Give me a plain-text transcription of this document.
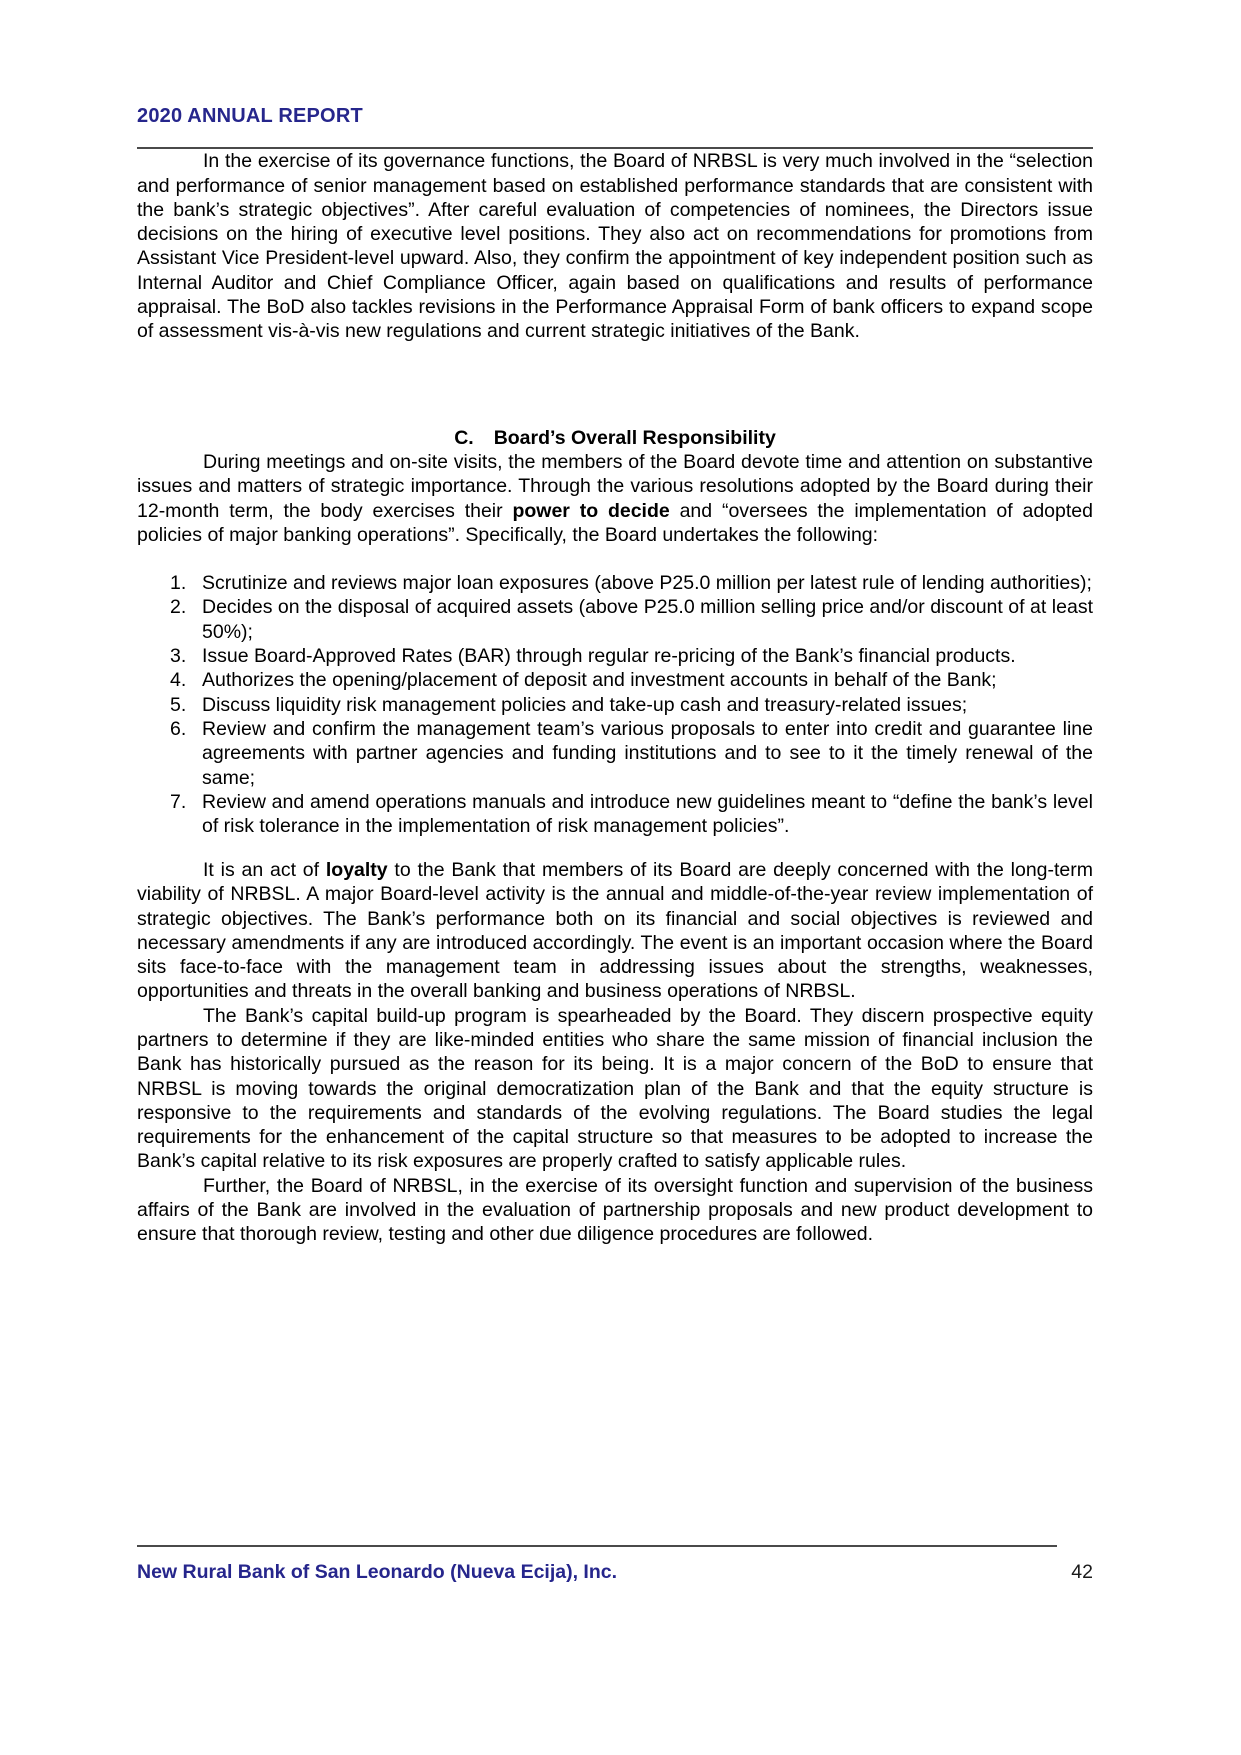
2020 ANNUAL REPORT

In the exercise of its governance functions, the Board of NRBSL is very much involved in the “selection and performance of senior management based on established performance standards that are consistent with the bank’s strategic objectives”. After careful evaluation of competencies of nominees, the Directors issue decisions on the hiring of executive level positions. They also act on recommendations for promotions from Assistant Vice President-level upward. Also, they confirm the appointment of key independent position such as Internal Auditor and Chief Compliance Officer, again based on qualifications and results of performance appraisal. The BoD also tackles revisions in the Performance Appraisal Form of bank officers to expand scope of assessment vis-à-vis new regulations and current strategic initiatives of the Bank.

C. Board’s Overall Responsibility

During meetings and on-site visits, the members of the Board devote time and attention on substantive issues and matters of strategic importance. Through the various resolutions adopted by the Board during their 12-month term, the body exercises their power to decide and “oversees the implementation of adopted policies of major banking operations”. Specifically, the Board undertakes the following:

1. Scrutinize and reviews major loan exposures (above P25.0 million per latest rule of lending authorities);
2. Decides on the disposal of acquired assets (above P25.0 million selling price and/or discount of at least 50%);
3. Issue Board-Approved Rates (BAR) through regular re-pricing of the Bank’s financial products.
4. Authorizes the opening/placement of deposit and investment accounts in behalf of the Bank;
5. Discuss liquidity risk management policies and take-up cash and treasury-related issues;
6. Review and confirm the management team’s various proposals to enter into credit and guarantee line agreements with partner agencies and funding institutions and to see to it the timely renewal of the same;
7. Review and amend operations manuals and introduce new guidelines meant to “define the bank’s level of risk tolerance in the implementation of risk management policies”.

It is an act of loyalty to the Bank that members of its Board are deeply concerned with the long-term viability of NRBSL. A major Board-level activity is the annual and middle-of-the-year review implementation of strategic objectives. The Bank’s performance both on its financial and social objectives is reviewed and necessary amendments if any are introduced accordingly. The event is an important occasion where the Board sits face-to-face with the management team in addressing issues about the strengths, weaknesses, opportunities and threats in the overall banking and business operations of NRBSL.

The Bank’s capital build-up program is spearheaded by the Board. They discern prospective equity partners to determine if they are like-minded entities who share the same mission of financial inclusion the Bank has historically pursued as the reason for its being. It is a major concern of the BoD to ensure that NRBSL is moving towards the original democratization plan of the Bank and that the equity structure is responsive to the requirements and standards of the evolving regulations. The Board studies the legal requirements for the enhancement of the capital structure so that measures to be adopted to increase the Bank’s capital relative to its risk exposures are properly crafted to satisfy applicable rules.

Further, the Board of NRBSL, in the exercise of its oversight function and supervision of the business affairs of the Bank are involved in the evaluation of partnership proposals and new product development to ensure that thorough review, testing and other due diligence procedures are followed.

New Rural Bank of San Leonardo (Nueva Ecija), Inc.	42
